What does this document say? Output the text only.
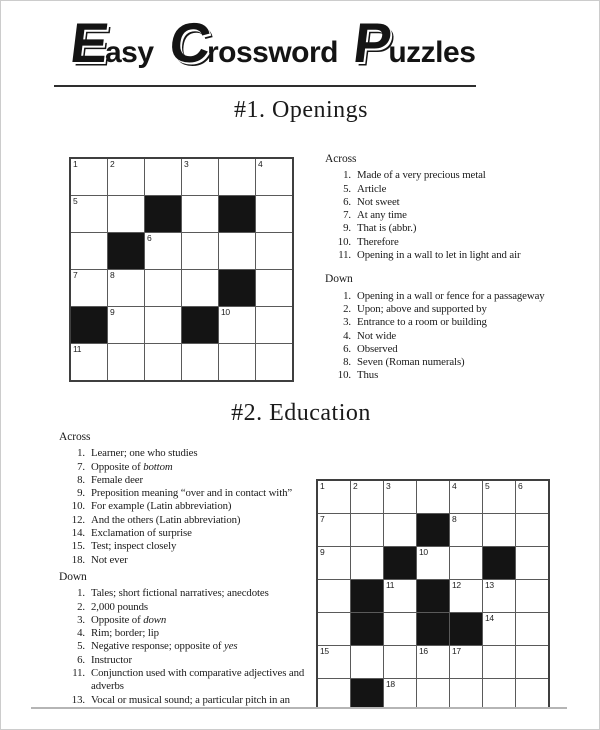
Easy Crossword Puzzles
#1. Openings
1	2	3	4
5
6
7	8
9	10
11
Across
1. Made of a very precious metal
5. Article
6. Not sweet
7. At any time
9. That is (abbr.)
10. Therefore
11. Opening in a wall to let in light and air
Down
1. Opening in a wall or fence for a passageway
2. Upon; above and supported by
3. Entrance to a room or building
4. Not wide
6. Observed
8. Seven (Roman numerals)
10. Thus
#2. Education
Across
1. Learner; one who studies
7. Opposite of bottom
8. Female deer
9. Preposition meaning “over and in contact with”
10. For example (Latin abbreviation)
12. And the others (Latin abbreviation)
14. Exclamation of surprise
15. Test; inspect closely
18. Not ever
Down
1. Tales; short fictional narratives; anecdotes
2. 2,000 pounds
3. Opposite of down
4. Rim; border; lip
5. Negative response; opposite of yes
6. Instructor
11. Conjunction used with comparative adjectives and adverbs
13. Vocal or musical sound; a particular pitch in an
1	2	3	4	5	6
7	8
9	10
11	12	13
14
15	16	17
18
